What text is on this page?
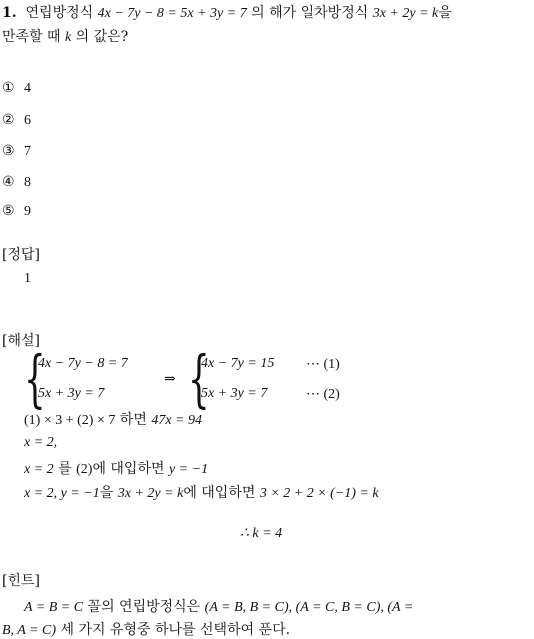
1. 연립방정식 4x − 7y − 8 = 5x + 3y = 7 의 해가 일차방정식 3x + 2y = k을
만족할 때 k 의 값은?
① 4
② 6
③ 7
④ 8
⑤ 9
[정답]
1
[해설]
{
4x − 7y − 8 = 7
5x + 3y = 7
⇒ {
4x − 7y = 15 ⋯ (1)
5x + 3y = 7	⋯ (2)
(1) × 3 + (2) × 7 하면 47x = 94
x = 2,
x = 2 를 (2)에 대입하면 y = −1
x = 2, y = −1을 3x + 2y = k에 대입하면 3 × 2 + 2 × (−1) = k
∴ k = 4
[힌트]
A = B = C 꼴의 연립방정식은 (A = B, B = C), (A = C, B = C), (A =
B, A = C) 세 가지 유형중 하나를 선택하여 푼다.
